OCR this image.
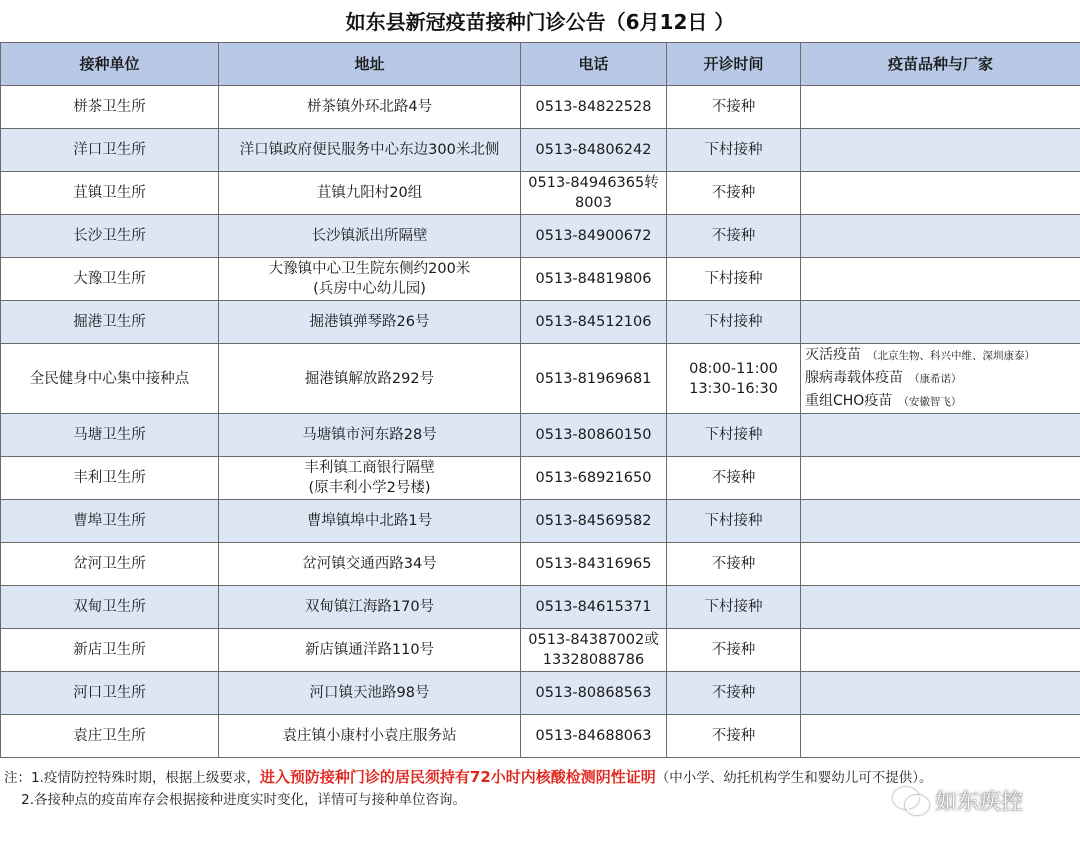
如东县新冠疫苗接种门诊公告（6月12日 ）
接种单位	地址	电话	开诊时间	疫苗品种与厂家
栟茶卫生所	栟茶镇外环北路4号	0513-84822528	不接种	

洋口卫生所	洋口镇政府便民服务中心东边300米北侧	0513-84806242	下村接种	

苴镇卫生所	苴镇九阳村20组	0513-84946365转
8003	不接种	

长沙卫生所	长沙镇派出所隔壁	0513-84900672	不接种	

大豫卫生所	大豫镇中心卫生院东侧约200米
(兵房中心幼儿园)	0513-84819806	下村接种	

掘港卫生所	掘港镇弹琴路26号	0513-84512106	下村接种	

全民健身中心集中接种点	掘港镇解放路292号	0513-81969681	08:00-11:00
13:30-16:30	灭活疫苗 （北京生物、科兴中维、深圳康泰）
腺病毒载体疫苗 （康希诺）
重组CHO疫苗 （安徽智飞）

马塘卫生所	马塘镇市河东路28号	0513-80860150	下村接种	

丰利卫生所	丰利镇工商银行隔壁
(原丰利小学2号楼)	0513-68921650	不接种	

曹埠卫生所	曹埠镇埠中北路1号	0513-84569582	下村接种	

岔河卫生所	岔河镇交通西路34号	0513-84316965	不接种	

双甸卫生所	双甸镇江海路170号	0513-84615371	下村接种	

新店卫生所	新店镇通洋路110号	0513-84387002或
13328088786	不接种	

河口卫生所	河口镇天池路98号	0513-80868563	不接种	

袁庄卫生所	袁庄镇小康村小袁庄服务站	0513-84688063	不接种	

注：1.疫情防控特殊时期，根据上级要求，进入预防接种门诊的居民须持有72小时内核酸检测阴性证明（中小学、幼托机构学生和婴幼儿可不提供）。
2.各接种点的疫苗库存会根据接种进度实时变化，详情可与接种单位咨询。	如东疾控
